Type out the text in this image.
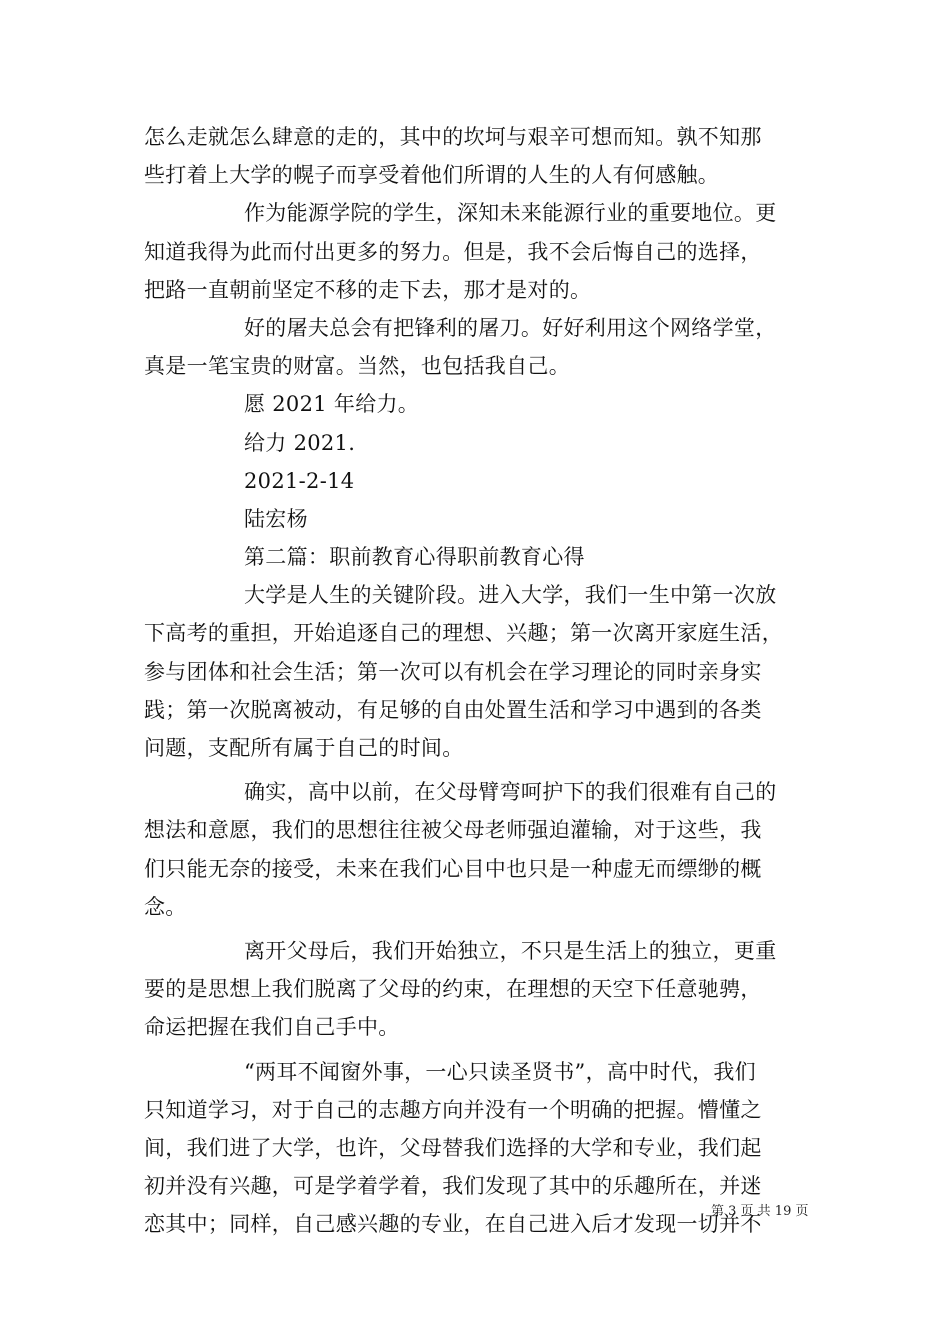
怎么走就怎么肆意的走的，其中的坎坷与艰辛可想而知。孰不知那
些打着上大学的幌子而享受着他们所谓的人生的人有何感触。
作为能源学院的学生，深知未来能源行业的重要地位。更
知道我得为此而付出更多的努力。但是，我不会后悔自己的选择，
把路一直朝前坚定不移的走下去，那才是对的。
好的屠夫总会有把锋利的屠刀。好好利用这个网络学堂，
真是一笔宝贵的财富。当然，也包括我自己。
愿 2021 年给力。
给力 2021.
2021-2-14
陆宏杨
第二篇：职前教育心得职前教育心得
大学是人生的关键阶段。进入大学，我们一生中第一次放
下高考的重担，开始追逐自己的理想、兴趣；第一次离开家庭生活，
参与团体和社会生活；第一次可以有机会在学习理论的同时亲身实
践；第一次脱离被动，有足够的自由处置生活和学习中遇到的各类
问题，支配所有属于自己的时间。
确实，高中以前，在父母臂弯呵护下的我们很难有自己的
想法和意愿，我们的思想往往被父母老师强迫灌输，对于这些，我
们只能无奈的接受，未来在我们心目中也只是一种虚无而缥缈的概
念。
离开父母后，我们开始独立，不只是生活上的独立，更重
要的是思想上我们脱离了父母的约束，在理想的天空下任意驰骋，
命运把握在我们自己手中。
“两耳不闻窗外事，一心只读圣贤书”，高中时代，我们
只知道学习，对于自己的志趣方向并没有一个明确的把握。懵懂之
间，我们进了大学，也许，父母替我们选择的大学和专业，我们起
初并没有兴趣，可是学着学着，我们发现了其中的乐趣所在，并迷
恋其中；同样，自己感兴趣的专业，在自己进入后才发现一切并不
第 3 页 共 19 页
